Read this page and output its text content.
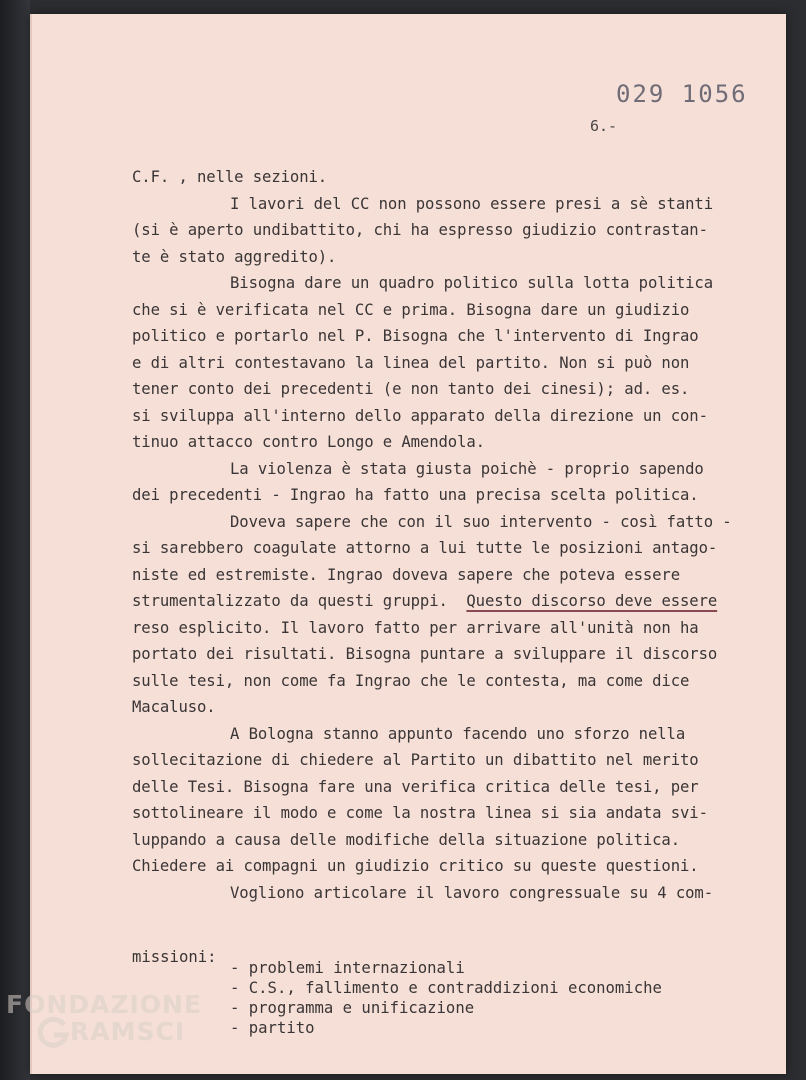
029 1056
6.-
C.F. , nelle sezioni.
I lavori del CC non possono essere presi a sè stanti
(si è aperto undibattito, chi ha espresso giudizio contrastan-
te è stato aggredito).
Bisogna dare un quadro politico sulla lotta politica
che si è verificata nel CC e prima. Bisogna dare un giudizio
politico e portarlo nel P. Bisogna che l'intervento di Ingrao
e di altri contestavano la linea del partito. Non si può non
tener conto dei precedenti (e non tanto dei cinesi); ad. es.
si sviluppa all'interno dello apparato della direzione un con-
tinuo attacco contro Longo e Amendola.
La violenza è stata giusta poichè - proprio sapendo
dei precedenti - Ingrao ha fatto una precisa scelta politica.
Doveva sapere che con il suo intervento - così fatto -
si sarebbero coagulate attorno a lui tutte le posizioni antago-
niste ed estremiste. Ingrao doveva sapere che poteva essere
strumentalizzato da questi gruppi. Questo discorso deve essere
reso esplicito. Il lavoro fatto per arrivare all'unità non ha
portato dei risultati. Bisogna puntare a sviluppare il discorso
sulle tesi, non come fa Ingrao che le contesta, ma come dice
Macaluso.
A Bologna stanno appunto facendo uno sforzo nella
sollecitazione di chiedere al Partito un dibattito nel merito
delle Tesi. Bisogna fare una verifica critica delle tesi, per
sottolineare il modo e come la nostra linea si sia andata svi-
luppando a causa delle modifiche della situazione politica.
Chiedere ai compagni un giudizio critico su queste questioni.
Vogliono articolare il lavoro congressuale su 4 com-
missioni:
- problemi internazionali
- C.S., fallimento e contraddizioni economiche
- programma e unificazione
- partito
FONDAZIONE
RAMSCI
